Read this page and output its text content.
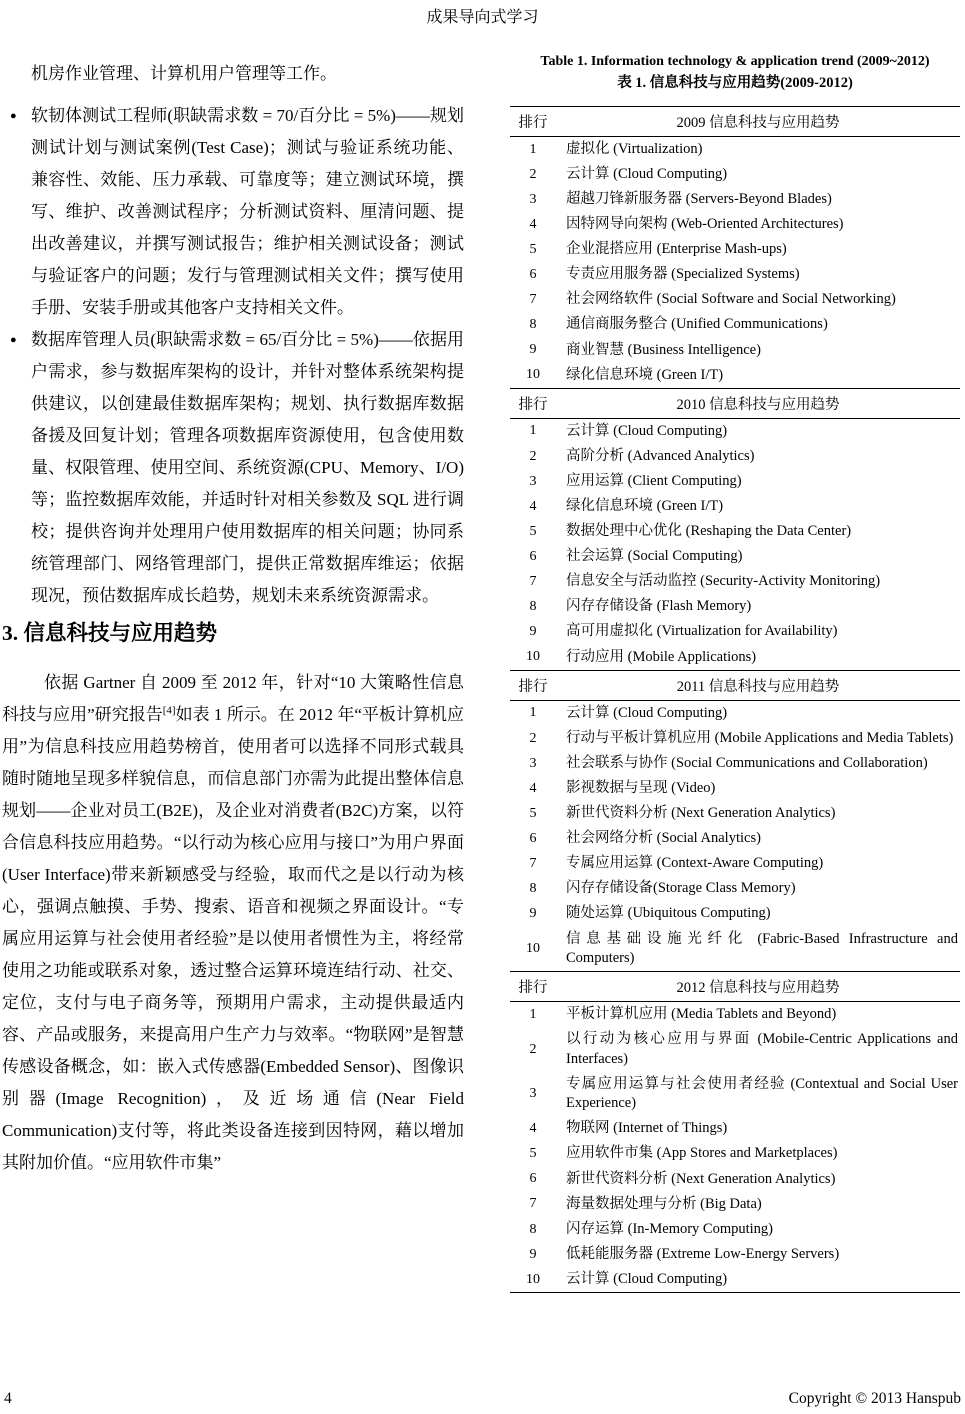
成果导向式学习

机房作业管理、计算机用户管理等工作。

● 软韧体测试工程师(职缺需求数 = 70/百分比 = 5%)——规划测试计划与测试案例(Test Case)；测试与验证系统功能、兼容性、效能、压力承载、可靠度等；建立测试环境，撰写、维护、改善测试程序；分析测试资料、厘清问题、提出改善建议，并撰写测试报告；维护相关测试设备；测试与验证客户的问题；发行与管理测试相关文件；撰写使用手册、安装手册或其他客户支持相关文件。
● 数据库管理人员(职缺需求数 = 65/百分比 = 5%)——依据用户需求，参与数据库架构的设计，并针对整体系统架构提供建议，以创建最佳数据库架构；规划、执行数据库数据备援及回复计划；管理各项数据库资源使用，包含使用数量、权限管理、使用空间、系统资源(CPU、Memory、I/O)等；监控数据库效能，并适时针对相关参数及 SQL 进行调校；提供咨询并处理用户使用数据库的相关问题；协同系统管理部门、网络管理部门，提供正常数据库维运；依据现况，预估数据库成长趋势，规划未来系统资源需求。
3. 信息科技与应用趋势

依据 Gartner 自 2009 至 2012 年，针对“10 大策略性信息科技与应用”研究报告[4]如表 1 所示。在 2012 年“平板计算机应用”为信息科技应用趋势榜首，使用者可以选择不同形式载具随时随地呈现多样貌信息，而信息部门亦需为此提出整体信息规划——企业对员工(B2E)，及企业对消费者(B2C)方案，以符合信息科技应用趋势。“以行动为核心应用与接口”为用户界面(User Interface)带来新颖感受与经验，取而代之是以行动为核心，强调点触摸、手势、搜索、语音和视频之界面设计。“专属应用运算与社会使用者经验”是以使用者惯性为主，将经常使用之功能或联系对象，透过整合运算环境连结行动、社交、定位，支付与电子商务等，预期用户需求，主动提供最适内容、产品或服务，来提高用户生产力与效率。“物联网”是智慧传感设备概念，如：嵌入式传感器(Embedded Sensor)、图像识别器(Image Recognition)，及近场通信(Near Field Communication)支付等，将此类设备连接到因特网，藉以增加其附加价值。“应用软件市集”

Table 1. Information technology & application trend (2009~2012)

表 1. 信息科技与应用趋势(2009-2012)

排行	2009 信息科技与应用趋势
1	虚拟化 (Virtualization)
2	云计算 (Cloud Computing)
3	超越刀锋新服务器 (Servers-Beyond Blades)
4	因特网导向架构 (Web-Oriented Architectures)
5	企业混搭应用 (Enterprise Mash-ups)
6	专责应用服务器 (Specialized Systems)
7	社会网络软件 (Social Software and Social Networking)
8	通信商服务整合 (Unified Communications)
9	商业智慧 (Business Intelligence)
10	绿化信息环境 (Green I/T)
排行	2010 信息科技与应用趋势
1	云计算 (Cloud Computing)
2	高阶分析 (Advanced Analytics)
3	应用运算 (Client Computing)
4	绿化信息环境 (Green I/T)
5	数据处理中心优化 (Reshaping the Data Center)
6	社会运算 (Social Computing)
7	信息安全与活动监控 (Security-Activity Monitoring)
8	闪存存储设备 (Flash Memory)
9	高可用虚拟化 (Virtualization for Availability)
10	行动应用 (Mobile Applications)
排行	2011 信息科技与应用趋势
1	云计算 (Cloud Computing)
2	行动与平板计算机应用 (Mobile Applications and Media Tablets)
3	社会联系与协作 (Social Communications and Collaboration)
4	影视数据与呈现 (Video)
5	新世代资料分析 (Next Generation Analytics)
6	社会网络分析 (Social Analytics)
7	专属应用运算 (Context-Aware Computing)
8	闪存存储设备(Storage Class Memory)
9	随处运算 (Ubiquitous Computing)
10	信息基础设施光纤化 (Fabric-Based Infrastructure and Computers)
排行	2012 信息科技与应用趋势
1	平板计算机应用 (Media Tablets and Beyond)
2	以行动为核心应用与界面 (Mobile-Centric Applications and Interfaces)
3	专属应用运算与社会使用者经验 (Contextual and Social User Experience)
4	物联网 (Internet of Things)
5	应用软件市集 (App Stores and Marketplaces)
6	新世代资料分析 (Next Generation Analytics)
7	海量数据处理与分析 (Big Data)
8	闪存运算 (In-Memory Computing)
9	低耗能服务器 (Extreme Low-Energy Servers)
10	云计算 (Cloud Computing)
4	Copyright © 2013 Hanspub
